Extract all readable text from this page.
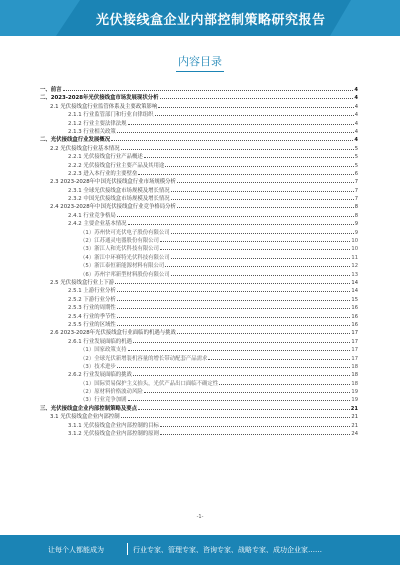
光伏接线盒企业内部控制策略研究报告
内容目录
一、前言	4
二、2023-2028年光伏接线盒市场发展现状分析	4
2.1 光伏接线盒行业监管体系及主要政策影响	4
2.1.1 行业监管部门和行业自律组织	4
2.1.2 行业主要法律法规	4
2.1.3 行业相关政策	4
二、光伏接线盒行业发展概况	4
2.2 光伏接线盒行业基本情况	5
2.2.1 光伏接线盒行业产品概述	5
2.2.2 光伏接线盒行业主要产品及其用途	5
2.2.3 进入本行业的主要壁垒	6
2.3 2023-2028年中国光伏接线盒行业市场规模分析	7
2.3.1 全球光伏接线盒市场规模及增长情况	7
2.3.2 中国光伏接线盒市场规模及增长情况	7
2.4 2023-2028年中国光伏接线盒行业竞争格局分析	8
2.4.1 行业竞争格局	8
2.4.2 主要企业基本情况	9
（1）苏州快可光伏电子股份有限公司	9
（2）江苏通灵电器股份有限公司	10
（3）浙江人和光伏科技有限公司	10
（4）浙江中环赛特光伏科技有限公司	11
（5）浙江泰恒新能源材料有限公司	12
（6）苏州宇邦新型材料股份有限公司	13
2.5 光伏接线盒行业上下游	14
2.5.1 上游行业分析	14
2.5.2 下游行业分析	15
2.5.3 行业的周期性	16
2.5.4 行业的季节性	16
2.5.5 行业的区域性	16
2.6 2023-2028年光伏接线盒行业面临的机遇与挑战	17
2.6.1 行业发展面临的机遇	17
（1）国家政策支持	17
（2）全球光伏新增装机容量的增长带动配套产品需求	17
（3）技术进步	18
2.6.2 行业发展面临的挑战	18
（1）国际贸易保护主义抬头，光伏产品出口面临不确定性	18
（2）原材料价格波动风险	19
（3）行业竞争加剧	19
三、光伏接线盒企业内部控制策略及要点	21
3.1 光伏接线盒企业内部控制	21
3.1.1 光伏接线盒企业内部控制的目标	21
3.1.2 光伏接线盒企业内部控制的原则	24
-1-
让每个人都能成为	行业专家、管理专家、咨询专家、战略专家、成功企业家……
